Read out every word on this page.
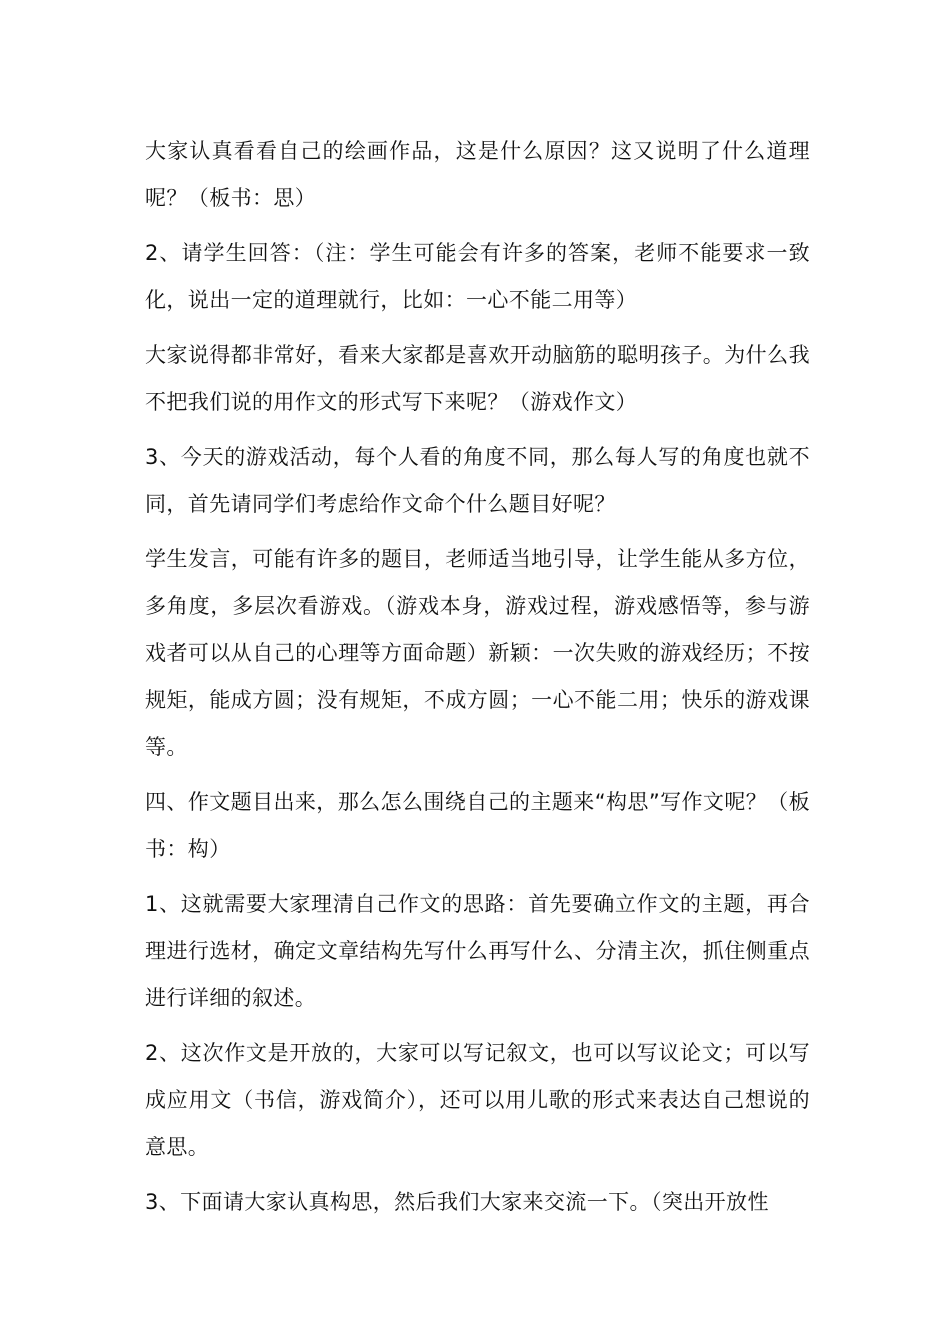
大家认真看看自己的绘画作品，这是什么原因？这又说明了什么道理呢？（板书：思）

2、请学生回答：（注：学生可能会有许多的答案，老师不能要求一致化，说出一定的道理就行，比如：一心不能二用等）

大家说得都非常好，看来大家都是喜欢开动脑筋的聪明孩子。为什么我不把我们说的用作文的形式写下来呢？（游戏作文）

3、今天的游戏活动，每个人看的角度不同，那么每人写的角度也就不同，首先请同学们考虑给作文命个什么题目好呢？

学生发言，可能有许多的题目，老师适当地引导，让学生能从多方位，多角度，多层次看游戏。（游戏本身，游戏过程，游戏感悟等，参与游戏者可以从自己的心理等方面命题）新颖：一次失败的游戏经历；不按规矩，能成方圆；没有规矩，不成方圆；一心不能二用；快乐的游戏课等。

四、作文题目出来，那么怎么围绕自己的主题来“构思”写作文呢？（板书：构）

1、这就需要大家理清自己作文的思路：首先要确立作文的主题，再合理进行选材，确定文章结构先写什么再写什么、分清主次，抓住侧重点进行详细的叙述。

2、这次作文是开放的，大家可以写记叙文，也可以写议论文；可以写成应用文（书信，游戏简介），还可以用儿歌的形式来表达自己想说的意思。

3、下面请大家认真构思，然后我们大家来交流一下。（突出开放性
